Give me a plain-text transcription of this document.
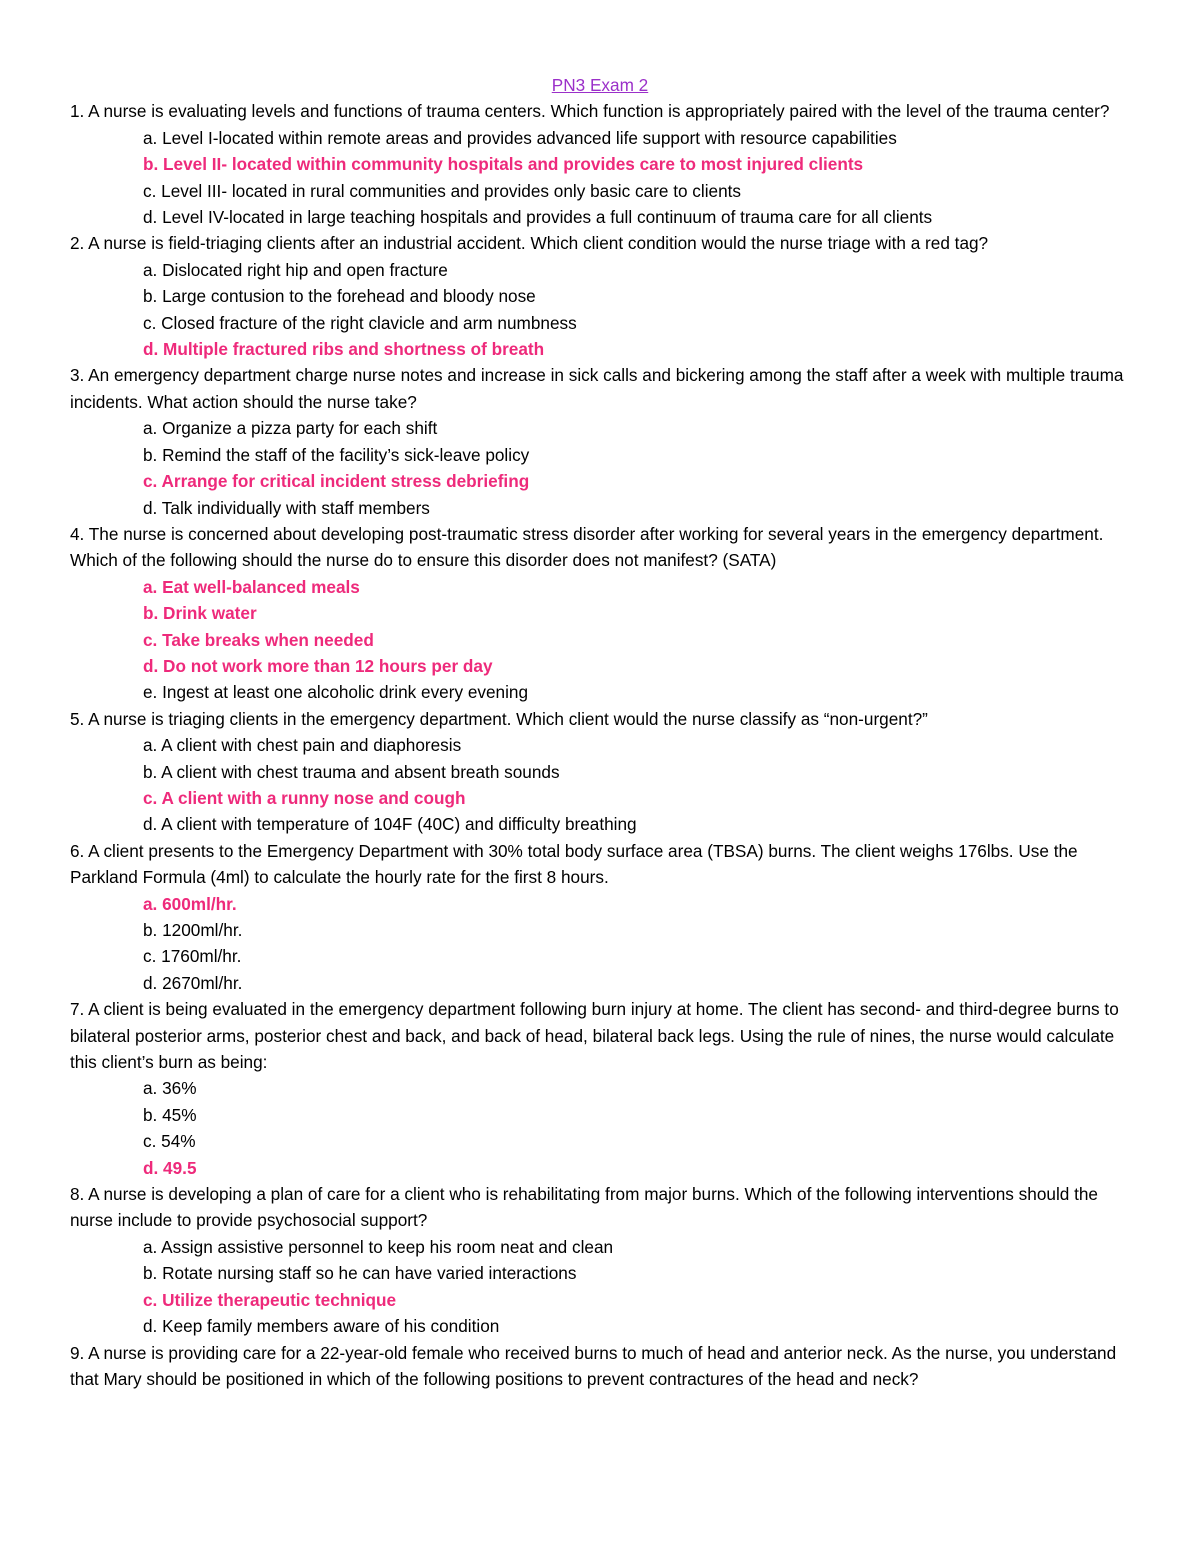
PN3 Exam 2

1. A nurse is evaluating levels and functions of trauma centers. Which function is appropriately paired with the level of the trauma center?

a. Level I-located within remote areas and provides advanced life support with resource capabilities

b. Level II- located within community hospitals and provides care to most injured clients

c. Level III- located in rural communities and provides only basic care to clients

d. Level IV-located in large teaching hospitals and provides a full continuum of trauma care for all clients

2. A nurse is field-triaging clients after an industrial accident. Which client condition would the nurse triage with a red tag?

a. Dislocated right hip and open fracture

b. Large contusion to the forehead and bloody nose

c. Closed fracture of the right clavicle and arm numbness

d. Multiple fractured ribs and shortness of breath

3. An emergency department charge nurse notes and increase in sick calls and bickering among the staff after a week with multiple trauma incidents. What action should the nurse take?

a. Organize a pizza party for each shift

b. Remind the staff of the facility’s sick-leave policy

c. Arrange for critical incident stress debriefing

d. Talk individually with staff members

4. The nurse is concerned about developing post-traumatic stress disorder after working for several years in the emergency department. Which of the following should the nurse do to ensure this disorder does not manifest? (SATA)

a. Eat well-balanced meals

b. Drink water

c. Take breaks when needed

d. Do not work more than 12 hours per day

e. Ingest at least one alcoholic drink every evening

5. A nurse is triaging clients in the emergency department. Which client would the nurse classify as “non-urgent?”

a. A client with chest pain and diaphoresis

b. A client with chest trauma and absent breath sounds

c. A client with a runny nose and cough

d. A client with temperature of 104F (40C) and difficulty breathing

6. A client presents to the Emergency Department with 30% total body surface area (TBSA) burns. The client weighs 176lbs. Use the Parkland Formula (4ml) to calculate the hourly rate for the first 8 hours.

a. 600ml/hr.

b. 1200ml/hr.

c. 1760ml/hr.

d. 2670ml/hr.

7. A client is being evaluated in the emergency department following burn injury at home. The client has second- and third-degree burns to bilateral posterior arms, posterior chest and back, and back of head, bilateral back legs. Using the rule of nines, the nurse would calculate this client’s burn as being:

a. 36%

b. 45%

c. 54%

d. 49.5

8. A nurse is developing a plan of care for a client who is rehabilitating from major burns. Which of the following interventions should the nurse include to provide psychosocial support?

a. Assign assistive personnel to keep his room neat and clean

b. Rotate nursing staff so he can have varied interactions

c. Utilize therapeutic technique

d. Keep family members aware of his condition

9. A nurse is providing care for a 22-year-old female who received burns to much of head and anterior neck. As the nurse, you understand that Mary should be positioned in which of the following positions to prevent contractures of the head and neck?
